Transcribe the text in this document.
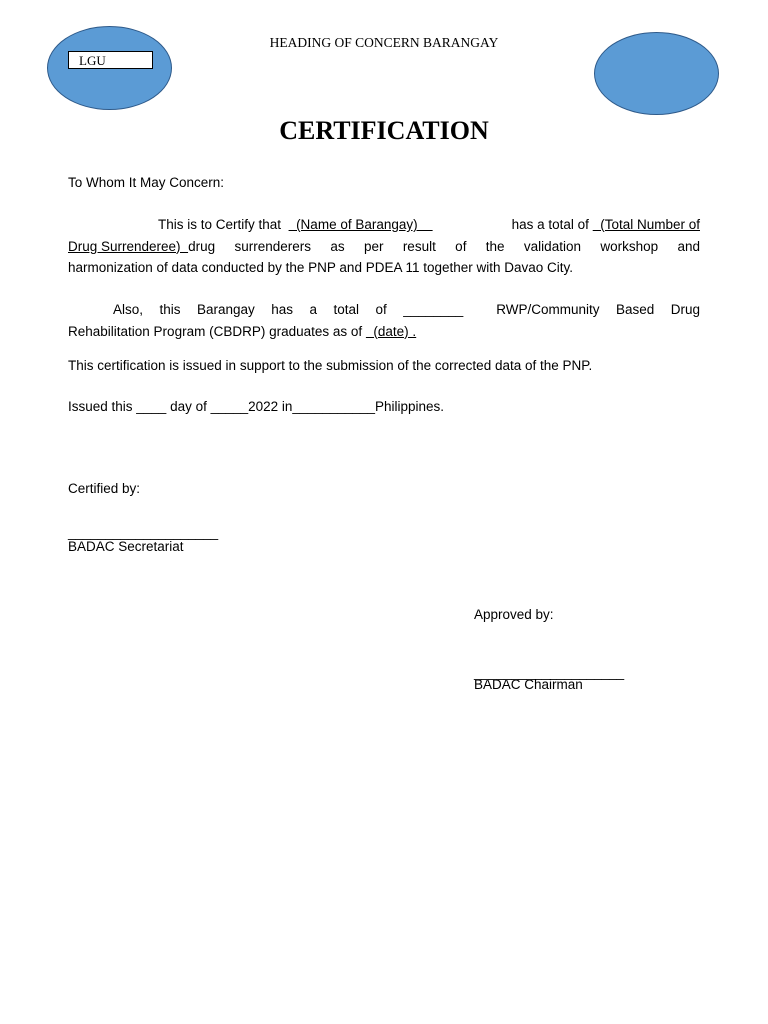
LGU
HEADING OF CONCERN BARANGAY
CERTIFICATION
To Whom It May Concern:
This is to Certify that    (Name of Barangay)	has a total of   (Total Number of
Drug Surrenderee) drug surrenderers as per result of the validation workshop and
harmonization of data conducted by the PNP and PDEA 11 together with Davao City.
Also, this Barangay has a total of ________  RWP/Community Based Drug
Rehabilitation Program (CBDRP) graduates as of   (date) .
This certification is issued in support to the submission of the corrected data of the PNP.
Issued this ____ day of _____2022 in___________Philippines.
Certified by:
____________________
BADAC Secretariat
Approved by:
____________________
BADAC Chairman
